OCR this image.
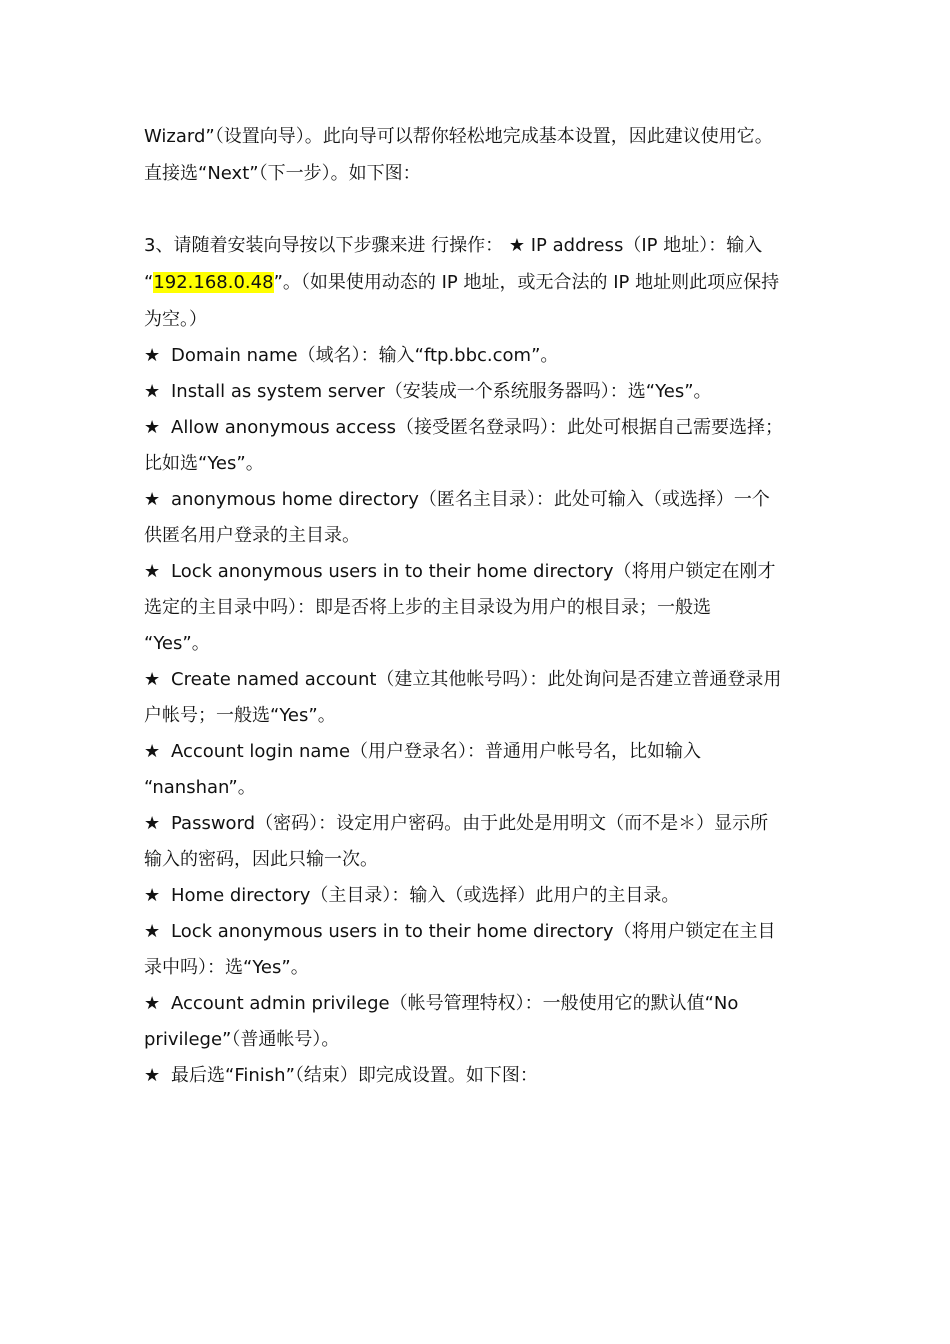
Wizard”（设置向导）。此向导可以帮你轻松地完成基本设置，因此建议使用它。
直接选“Next”（下一步）。如下图：
3、请随着安装向导按以下步骤来进 行操作： ★ IP address（IP 地址）：输入
“192.168.0.48”。（如果使用动态的 IP 地址，或无合法的 IP 地址则此项应保持
为空。）
★ Domain name（域名）：输入“ftp.bbc.com”。
★ Install as system server（安装成一个系统服务器吗）：选“Yes”。
★ Allow anonymous access（接受匿名登录吗）：此处可根据自己需要选择；
比如选“Yes”。
★ anonymous home directory（匿名主目录）：此处可输入（或选择）一个
供匿名用户登录的主目录。
★ Lock anonymous users in to their home directory（将用户锁定在刚才
选定的主目录中吗）：即是否将上步的主目录设为用户的根目录；一般选
“Yes”。
★ Create named account（建立其他帐号吗）：此处询问是否建立普通登录用
户帐号；一般选“Yes”。
★ Account login name（用户登录名）：普通用户帐号名，比如输入
“nanshan”。
★ Password（密码）：设定用户密码。由于此处是用明文（而不是＊）显示所
输入的密码，因此只输一次。
★ Home directory（主目录）：输入（或选择）此用户的主目录。
★ Lock anonymous users in to their home directory（将用户锁定在主目
录中吗）：选“Yes”。
★ Account admin privilege（帐号管理特权）：一般使用它的默认值“No
privilege”（普通帐号）。
★ 最后选“Finish”（结束）即完成设置。如下图：
